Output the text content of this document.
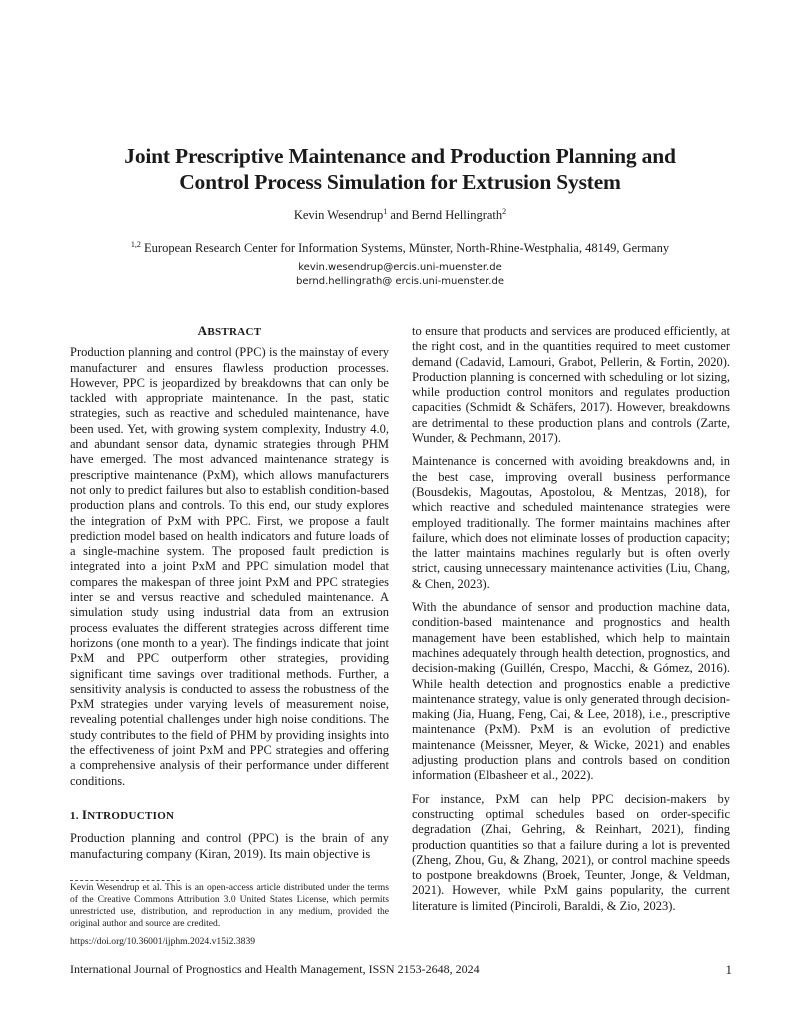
Joint Prescriptive Maintenance and Production Planning and
Control Process Simulation for Extrusion System
Kevin Wesendrup$^1$ and Bernd Hellingrath$^2$
$^{1,2}$ European Research Center for Information Systems, Münster, North-Rhine-Westphalia, 48149, Germany
kevin.wesendrup@ercis.uni-muenster.de
bernd.hellingrath@ ercis.uni-muenster.de
ABSTRACT

Production planning and control (PPC) is the mainstay of every manufacturer and ensures flawless production processes. However, PPC is jeopardized by breakdowns that can only be tackled with appropriate maintenance. In the past, static strategies, such as reactive and scheduled maintenance, have been used. Yet, with growing system complexity, Industry 4.0, and abundant sensor data, dynamic strategies through PHM have emerged. The most advanced maintenance strategy is prescriptive maintenance (PxM), which allows manufacturers not only to predict failures but also to establish condition-based production plans and controls. To this end, our study explores the integration of PxM with PPC. First, we propose a fault prediction model based on health indicators and future loads of a single-machine system. The proposed fault prediction is integrated into a joint PxM and PPC simulation model that compares the makespan of three joint PxM and PPC strategies inter se and versus reactive and scheduled maintenance. A simulation study using industrial data from an extrusion process evaluates the different strategies across different time horizons (one month to a year). The findings indicate that joint PxM and PPC outperform other strategies, providing significant time savings over traditional methods. Further, a sensitivity analysis is conducted to assess the robustness of the PxM strategies under varying levels of measurement noise, revealing potential challenges under high noise conditions. The study contributes to the field of PHM by providing insights into the effectiveness of joint PxM and PPC strategies and offering a comprehensive analysis of their performance under different conditions.

1. INTRODUCTION

Production planning and control (PPC) is the brain of any manufacturing company (Kiran, 2019). Its main objective is

to ensure that products and services are produced efficiently, at the right cost, and in the quantities required to meet customer demand (Cadavid, Lamouri, Grabot, Pellerin, & Fortin, 2020). Production planning is concerned with scheduling or lot sizing, while production control monitors and regulates production capacities (Schmidt & Schäfers, 2017). However, breakdowns are detrimental to these production plans and controls (Zarte, Wunder, & Pechmann, 2017).

Maintenance is concerned with avoiding breakdowns and, in the best case, improving overall business performance (Bousdekis, Magoutas, Apostolou, & Mentzas, 2018), for which reactive and scheduled maintenance strategies were employed traditionally. The former maintains machines after failure, which does not eliminate losses of production capacity; the latter maintains machines regularly but is often overly strict, causing unnecessary maintenance activities (Liu, Chang, & Chen, 2023).

With the abundance of sensor and production machine data, condition-based maintenance and prognostics and health management have been established, which help to maintain machines adequately through health detection, prognostics, and decision-making (Guillén, Crespo, Macchi, & Gómez, 2016). While health detection and prognostics enable a predictive maintenance strategy, value is only generated through decision-making (Jia, Huang, Feng, Cai, & Lee, 2018), i.e., prescriptive maintenance (PxM). PxM is an evolution of predictive maintenance (Meissner, Meyer, & Wicke, 2021) and enables adjusting production plans and controls based on condition information (Elbasheer et al., 2022).

For instance, PxM can help PPC decision-makers by constructing optimal schedules based on order-specific degradation (Zhai, Gehring, & Reinhart, 2021), finding production quantities so that a failure during a lot is prevented (Zheng, Zhou, Gu, & Zhang, 2021), or control machine speeds to postpone breakdowns (Broek, Teunter, Jonge, & Veldman, 2021). However, while PxM gains popularity, the current literature is limited (Pinciroli, Baraldi, & Zio, 2023).

Kevin Wesendrup et al. This is an open-access article distributed under the terms of the Creative Commons Attribution 3.0 United States License, which permits unrestricted use, distribution, and reproduction in any medium, provided the original author and source are credited.
https://doi.org/10.36001/ijphm.2024.v15i2.3839
International Journal of Prognostics and Health Management, ISSN 2153-2648, 2024	1
